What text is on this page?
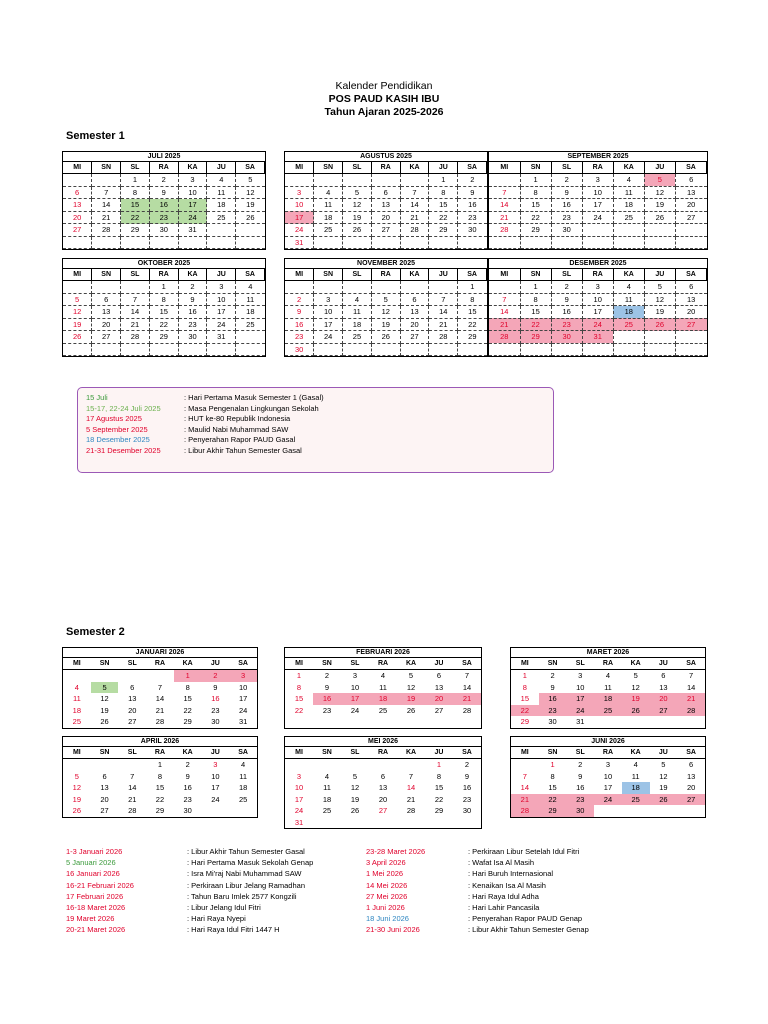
Kalender Pendidikan
POS PAUD KASIH IBU
Tahun Ajaran 2025-2026
Semester 1
JULI 2025
MI	SN	SL	RA	KA	JU	SA
		1	2	3	4	5
6	7	8	9	10	11	12
13	14	15	16	17	18	19
20	21	22	23	24	25	26
27	28	29	30	31		

AGUSTUS 2025
MI	SN	SL	RA	KA	JU	SA
					1	2
3	4	5	6	7	8	9
10	11	12	13	14	15	16
17	18	19	20	21	22	23
24	25	26	27	28	29	30
31						
SEPTEMBER 2025
MI	SN	SL	RA	KA	JU	SA
	1	2	3	4	5	6
7	8	9	10	11	12	13
14	15	16	17	18	19	20
21	22	23	24	25	26	27
28	29	30				

OKTOBER 2025
MI	SN	SL	RA	KA	JU	SA
			1	2	3	4
5	6	7	8	9	10	11
12	13	14	15	16	17	18
19	20	21	22	23	24	25
26	27	28	29	30	31	

NOVEMBER 2025
MI	SN	SL	RA	KA	JU	SA
						1
2	3	4	5	6	7	8
9	10	11	12	13	14	15
16	17	18	19	20	21	22
23	24	25	26	27	28	29
30						
DESEMBER 2025
MI	SN	SL	RA	KA	JU	SA
	1	2	3	4	5	6
7	8	9	10	11	12	13
14	15	16	17	18	19	20
21	22	23	24	25	26	27
28	29	30	31			

15 Juli	: Hari Pertama Masuk Semester 1 (Gasal)
15-17, 22-24 Juli 2025	: Masa Pengenalan Lingkungan Sekolah
17 Agustus 2025	: HUT ke-80 Republik Indonesia
5 September 2025	: Maulid Nabi Muhammad SAW
18 Desember 2025	: Penyerahan Rapor PAUD Gasal
21-31 Desember 2025	: Libur Akhir Tahun Semester Gasal
Semester 2
JANUARI 2026
MI	SN	SL	RA	KA	JU	SA
				1	2	3
4	5	6	7	8	9	10
11	12	13	14	15	16	17
18	19	20	21	22	23	24
25	26	27	28	29	30	31
FEBRUARI 2026
MI	SN	SL	RA	KA	JU	SA
1	2	3	4	5	6	7
8	9	10	11	12	13	14
15	16	17	18	19	20	21
22	23	24	25	26	27	28

MARET 2026
MI	SN	SL	RA	KA	JU	SA
1	2	3	4	5	6	7
8	9	10	11	12	13	14
15	16	17	18	19	20	21
22	23	24	25	26	27	28
29	30	31				
APRIL 2026
MI	SN	SL	RA	KA	JU	SA
			1	2	3	4
5	6	7	8	9	10	11
12	13	14	15	16	17	18
19	20	21	22	23	24	25
26	27	28	29	30		
MEI 2026
MI	SN	SL	RA	KA	JU	SA
					1	2
3	4	5	6	7	8	9
10	11	12	13	14	15	16
17	18	19	20	21	22	23
24	25	26	27	28	29	30
31						
JUNI 2026
MI	SN	SL	RA	KA	JU	SA
	1	2	3	4	5	6
7	8	9	10	11	12	13
14	15	16	17	18	19	20
21	22	23	24	25	26	27
28	29	30				
1-3 Januari 2026	: Libur Akhir Tahun Semester Gasal
5 Januari 2026	: Hari Pertama Masuk Sekolah Genap
16 Januari 2026	: Isra Mi'raj Nabi Muhammad SAW
16-21 Februari 2026	: Perkiraan Libur Jelang Ramadhan
17 Februari 2026	: Tahun Baru Imlek 2577 Kongzili
16-18 Maret 2026	: Libur Jelang Idul Fitri
19 Maret 2026	: Hari Raya Nyepi
20-21 Maret 2026	: Hari Raya Idul Fitri 1447 H
23-28 Maret 2026	: Perkiraan Libur Setelah Idul Fitri
3 April 2026	: Wafat Isa Al Masih
1 Mei 2026	: Hari Buruh Internasional
14 Mei 2026	: Kenaikan Isa Al Masih
27 Mei 2026	: Hari Raya Idul Adha
1 Juni 2026	: Hari Lahir Pancasila
18 Juni 2026	: Penyerahan Rapor PAUD Genap
21-30 Juni 2026	: Libur Akhir Tahun Semester Genap
